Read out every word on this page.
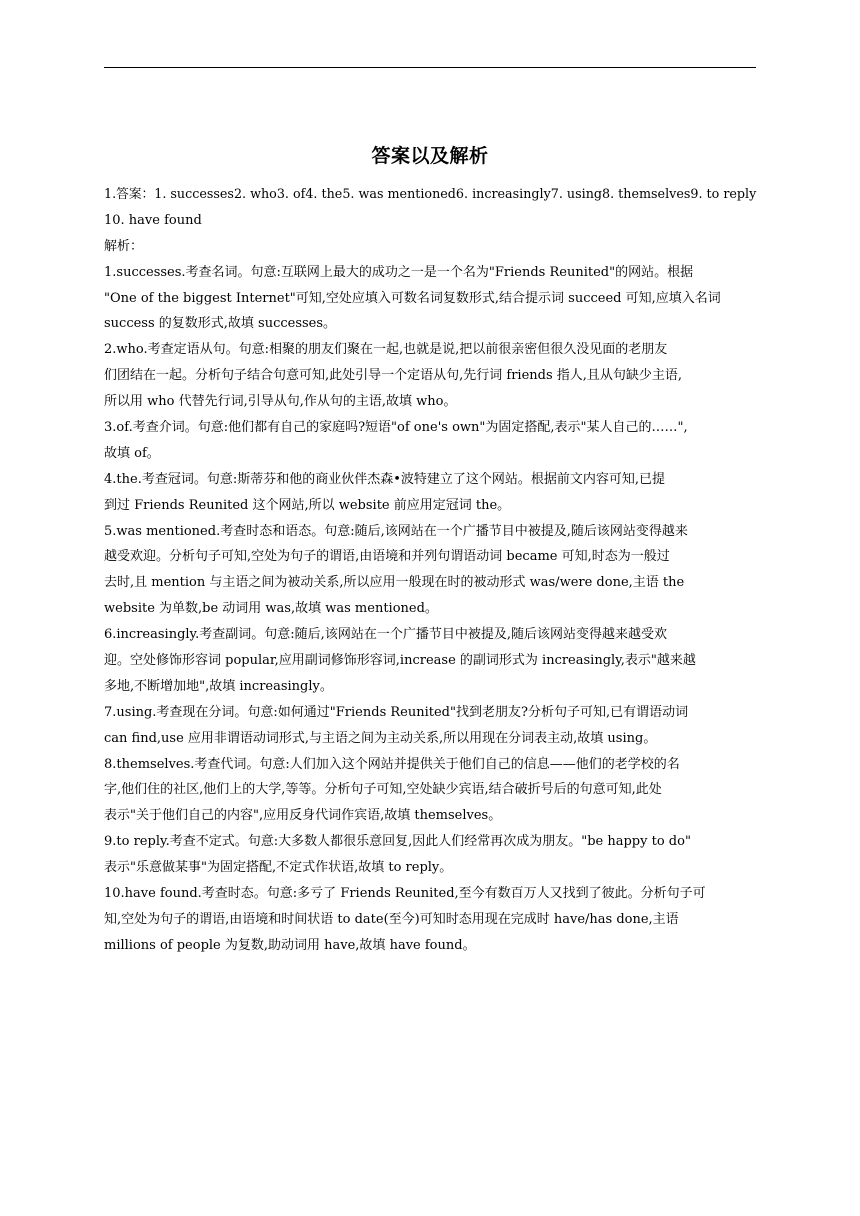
答案以及解析
1.答案：1. successes2. who3. of4. the5. was mentioned6. increasingly7. using8. themselves9. to reply
10. have found
解析：
1.successes.考查名词。句意:互联网上最大的成功之一是一个名为"Friends Reunited"的网站。根据
"One of the biggest Internet"可知,空处应填入可数名词复数形式,结合提示词 succeed 可知,应填入名词
success 的复数形式,故填 successes。
2.who.考查定语从句。句意:相聚的朋友们聚在一起,也就是说,把以前很亲密但很久没见面的老朋友
们团结在一起。分析句子结合句意可知,此处引导一个定语从句,先行词 friends 指人,且从句缺少主语,
所以用 who 代替先行词,引导从句,作从句的主语,故填 who。
3.of.考查介词。句意:他们都有自己的家庭吗?短语"of one's own"为固定搭配,表示"某人自己的……",
故填 of。
4.the.考查冠词。句意:斯蒂芬和他的商业伙伴杰森•波特建立了这个网站。根据前文内容可知,已提
到过 Friends Reunited 这个网站,所以 website 前应用定冠词 the。
5.was mentioned.考查时态和语态。句意:随后,该网站在一个广播节目中被提及,随后该网站变得越来
越受欢迎。分析句子可知,空处为句子的谓语,由语境和并列句谓语动词 became 可知,时态为一般过
去时,且 mention 与主语之间为被动关系,所以应用一般现在时的被动形式 was/were done,主语 the
website 为单数,be 动词用 was,故填 was mentioned。
6.increasingly.考查副词。句意:随后,该网站在一个广播节目中被提及,随后该网站变得越来越受欢
迎。空处修饰形容词 popular,应用副词修饰形容词,increase 的副词形式为 increasingly,表示"越来越
多地,不断增加地",故填 increasingly。
7.using.考查现在分词。句意:如何通过"Friends Reunited"找到老朋友?分析句子可知,已有谓语动词
can find,use 应用非谓语动词形式,与主语之间为主动关系,所以用现在分词表主动,故填 using。
8.themselves.考查代词。句意:人们加入这个网站并提供关于他们自己的信息——他们的老学校的名
字,他们住的社区,他们上的大学,等等。分析句子可知,空处缺少宾语,结合破折号后的句意可知,此处
表示"关于他们自己的内容",应用反身代词作宾语,故填 themselves。
9.to reply.考查不定式。句意:大多数人都很乐意回复,因此人们经常再次成为朋友。"be happy to do"
表示"乐意做某事"为固定搭配,不定式作状语,故填 to reply。
10.have found.考查时态。句意:多亏了 Friends Reunited,至今有数百万人又找到了彼此。分析句子可
知,空处为句子的谓语,由语境和时间状语 to date(至今)可知时态用现在完成时 have/has done,主语
millions of people 为复数,助动词用 have,故填 have found。
